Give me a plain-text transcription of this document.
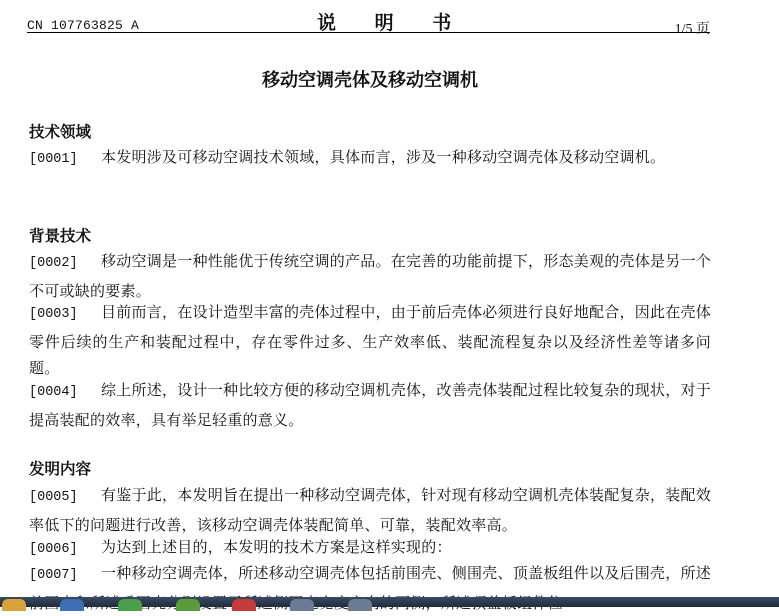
CN 107763825 A	说 明 书	1/5 页
移动空调壳体及移动空调机
技术领域
[0001] 本发明涉及可移动空调技术领域，具体而言，涉及一种移动空调壳体及移动空调机。
背景技术
[0002] 移动空调是一种性能优于传统空调的产品。在完善的功能前提下，形态美观的壳体是另一个不可或缺的要素。
[0003] 目前而言，在设计造型丰富的壳体过程中，由于前后壳体必须进行良好地配合，因此在壳体零件后续的生产和装配过程中，存在零件过多、生产效率低、装配流程复杂以及经济性差等诸多问题。
[0004] 综上所述，设计一种比较方便的移动空调机壳体，改善壳体装配过程比较复杂的现状，对于提高装配的效率，具有举足轻重的意义。
发明内容
[0005] 有鉴于此，本发明旨在提出一种移动空调壳体，针对现有移动空调机壳体装配复杂，装配效率低下的问题进行改善，该移动空调壳体装配简单、可靠，装配效率高。
[0006] 为达到上述目的，本发明的技术方案是这样实现的：
[0007] 一种移动空调壳体，所述移动空调壳体包括前围壳、侧围壳、顶盖板组件以及后围壳，所述
